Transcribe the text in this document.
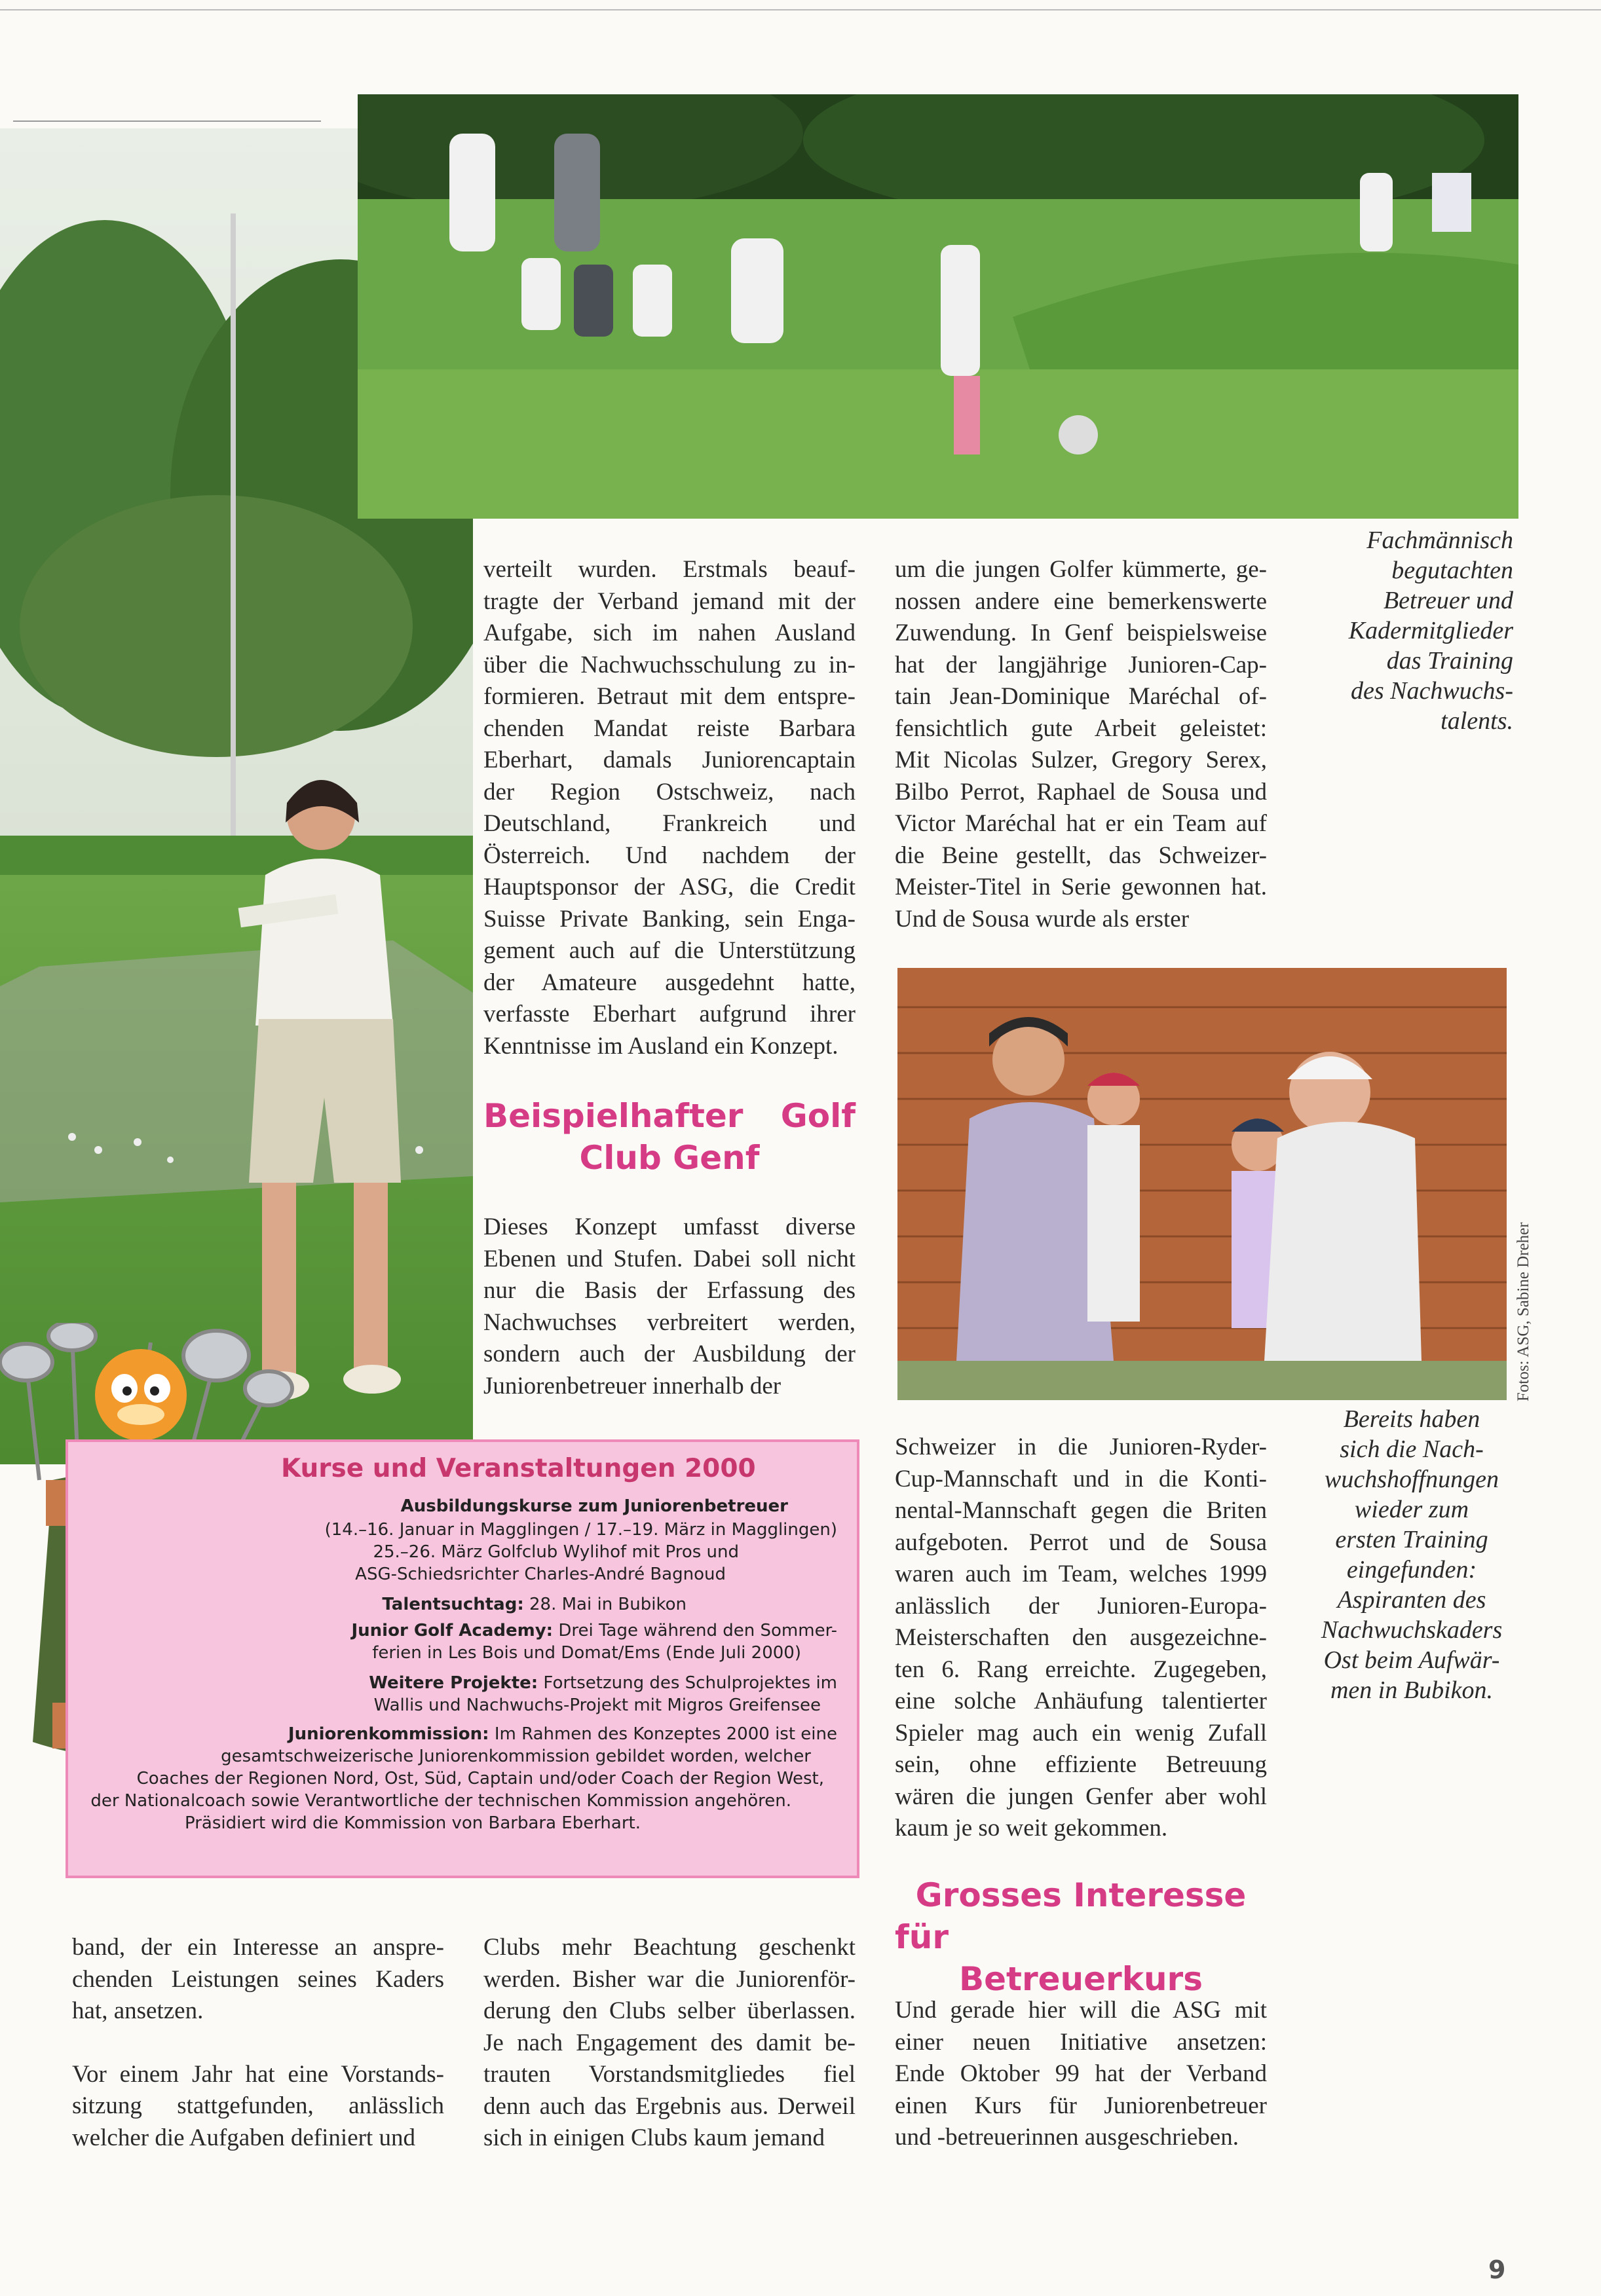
Fotos: ASG, Sabine Dreher
Fachmännisch
begutachten
Betreuer und
Kadermitglieder
das Training
des Nachwuchs-
talents.
Bereits haben
sich die Nach-
wuchshoffnungen
wieder zum
ersten Training
eingefunden:
Aspiranten des
Nachwuchskaders
Ost beim Aufwär-
men in Bubikon.
verteilt wurden. Erstmals beauf-
tragte der Verband jemand mit der
Aufgabe, sich im nahen Ausland
über die Nachwuchsschulung zu in-
formieren. Betraut mit dem entspre-
chenden Mandat reiste Barbara
Eberhart, damals Juniorencaptain
der Region Ostschweiz, nach
Deutschland, Frankreich und
Österreich. Und nachdem der
Hauptsponsor der ASG, die Credit
Suisse Private Banking, sein Enga-
gement auch auf die Unterstützung
der Amateure ausgedehnt hatte,
verfasste Eberhart aufgrund ihrer
Kenntnisse im Ausland ein Konzept.
Beispielhafter Golf
Club Genf
Dieses Konzept umfasst diverse
Ebenen und Stufen. Dabei soll nicht
nur die Basis der Erfassung des
Nachwuchses verbreitert werden,
sondern auch der Ausbildung der
Juniorenbetreuer innerhalb der
um die jungen Golfer kümmerte, ge-
nossen andere eine bemerkenswerte
Zuwendung. In Genf beispielsweise
hat der langjährige Junioren-Cap-
tain Jean-Dominique Maréchal of-
fensichtlich gute Arbeit geleistet:
Mit Nicolas Sulzer, Gregory Serex,
Bilbo Perrot, Raphael de Sousa und
Victor Maréchal hat er ein Team auf
die Beine gestellt, das Schweizer-
Meister-Titel in Serie gewonnen hat.
Und de Sousa wurde als erster
Schweizer in die Junioren-Ryder-
Cup-Mannschaft und in die Konti-
nental-Mannschaft gegen die Briten
aufgeboten. Perrot und de Sousa
waren auch im Team, welches 1999
anlässlich der Junioren-Europa-
Meisterschaften den ausgezeichne-
ten 6. Rang erreichte. Zugegeben,
eine solche Anhäufung talentierter
Spieler mag auch ein wenig Zufall
sein, ohne effiziente Betreuung
wären die jungen Genfer aber wohl
kaum je so weit gekommen.
Grosses Interesse für
Betreuerkurs
Und gerade hier will die ASG mit
einer neuen Initiative ansetzen:
Ende Oktober 99 hat der Verband
einen Kurs für Juniorenbetreuer
und -betreuerinnen ausgeschrieben.

band, der ein Interesse an anspre-
chenden Leistungen seines Kaders
hat, ansetzen.

Vor einem Jahr hat eine Vorstands-
sitzung stattgefunden, anlässlich
welcher die Aufgaben definiert und

Clubs mehr Beachtung geschenkt
werden. Bisher war die Juniorenför-
derung den Clubs selber überlassen.
Je nach Engagement des damit be-
trauten Vorstandsmitgliedes fiel
denn auch das Ergebnis aus. Derweil
sich in einigen Clubs kaum jemand
Kurse und Veranstaltungen 2000
Ausbildungskurse zum Juniorenbetreuer
(14.–16. Januar in Magglingen / 17.–19. März in Magglingen)
25.–26. März Golfclub Wylihof mit Pros und
ASG-Schiedsrichter Charles-André Bagnoud
Talentsuchtag: 28. Mai in Bubikon
Junior Golf Academy: Drei Tage während den Sommer-
ferien in Les Bois und Domat/Ems (Ende Juli 2000)
Weitere Projekte: Fortsetzung des Schulprojektes im
Wallis und Nachwuchs-Projekt mit Migros Greifensee
Juniorenkommission: Im Rahmen des Konzeptes 2000 ist eine
gesamtschweizerische Juniorenkommission gebildet worden, welcher
Coaches der Regionen Nord, Ost, Süd, Captain und/oder Coach der Region West,
der Nationalcoach sowie Verantwortliche der technischen Kommission angehören.
Präsidiert wird die Kommission von Barbara Eberhart.
9
